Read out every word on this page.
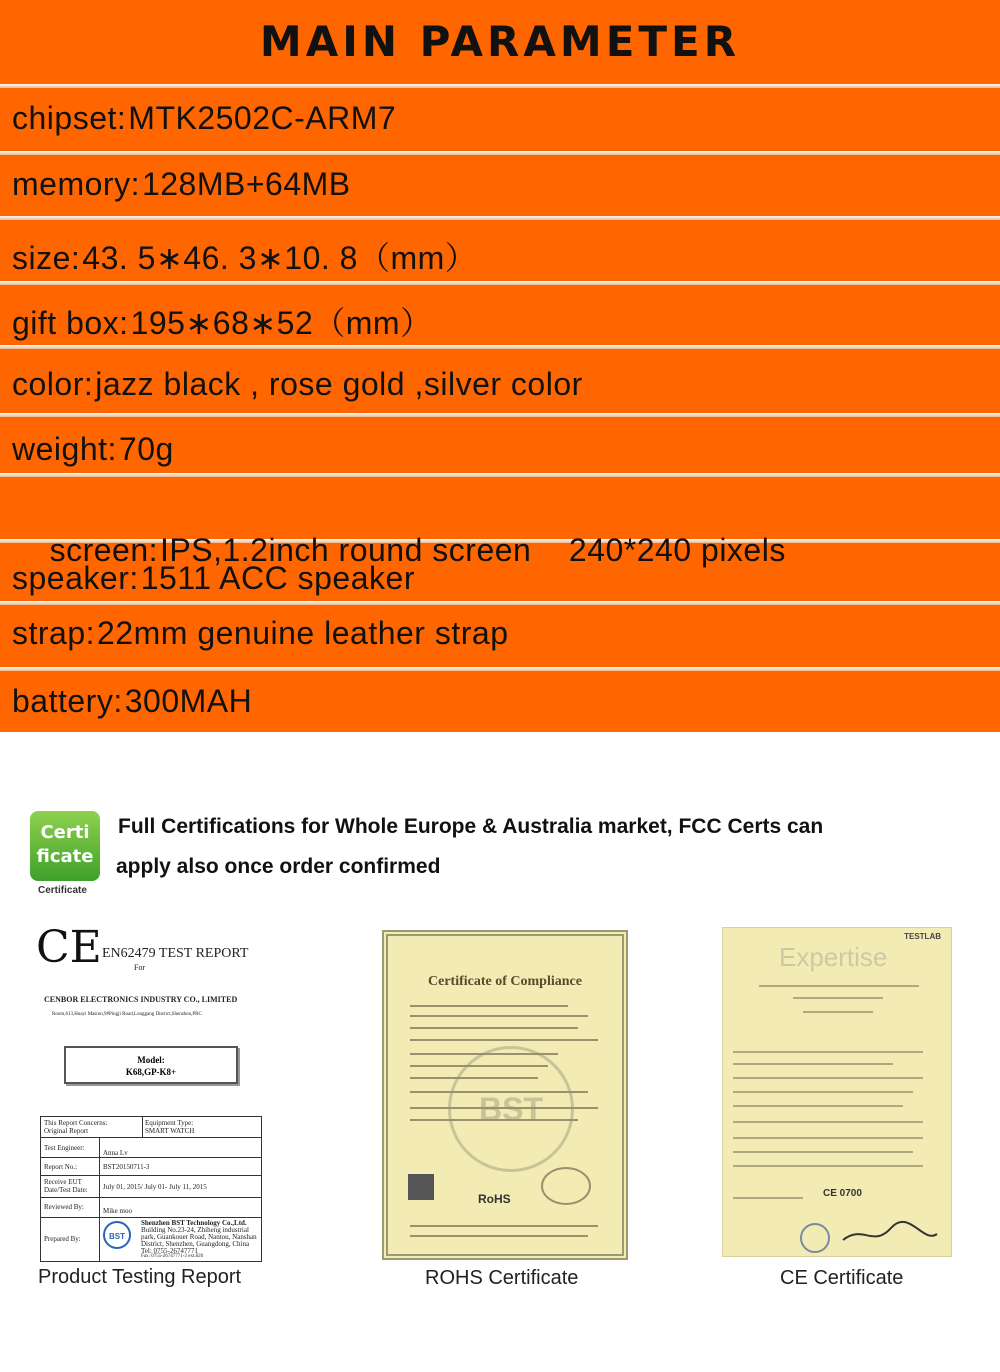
MAIN PARAMETER
chipset:MTK2502C-ARM7
memory:128MB+64MB
size:43. 5∗46. 3∗10. 8（mm）
gift box:195∗68∗52（mm）
color:jazz black , rose gold ,silver color
weight:70g

screen:IPS,1.2inch round screen    240*240 pixels

speaker:1511 ACC speaker
strap:22mm genuine leather strap
battery:300MAH
Certi
ficate
Certificate
Full Certifications for Whole Europe & Australia market, FCC Certs can
apply also once order confirmed
CE EN62479 TEST REPORT
For
CENBOR ELECTRONICS INDUSTRY CO., LIMITED
Room,613,Huayi Masion,9#Pingji Road,Longgang District,Shenzhen,PRC
Model:
K68,GP-K8+
This Report Concerns:
Original Report
Equipment Type:
SMART WATCH
Test Engineer:
Anna Lv
Report No.:	BST20150711-3
Receive EUT
Date/Test Date: July 01, 2015/ July 01- July 11, 2015
Reviewed By:	Mike moo
Prepared By:	BST
Shenzhen BST Technology Co.,Ltd.
Building No.23-24, Zhiheng industrial
park, Guankouer Road, Nantou, Nanshan
District, Shenzhen, Guangdong, China
Tel: 0755-26747771
Fax: 0755-26747771-3 ext.826
Certificate of Compliance
BST
RoHS
TESTLAB
Expertise
CE 0700
Product Testing Report	ROHS Certificate	CE Certificate
